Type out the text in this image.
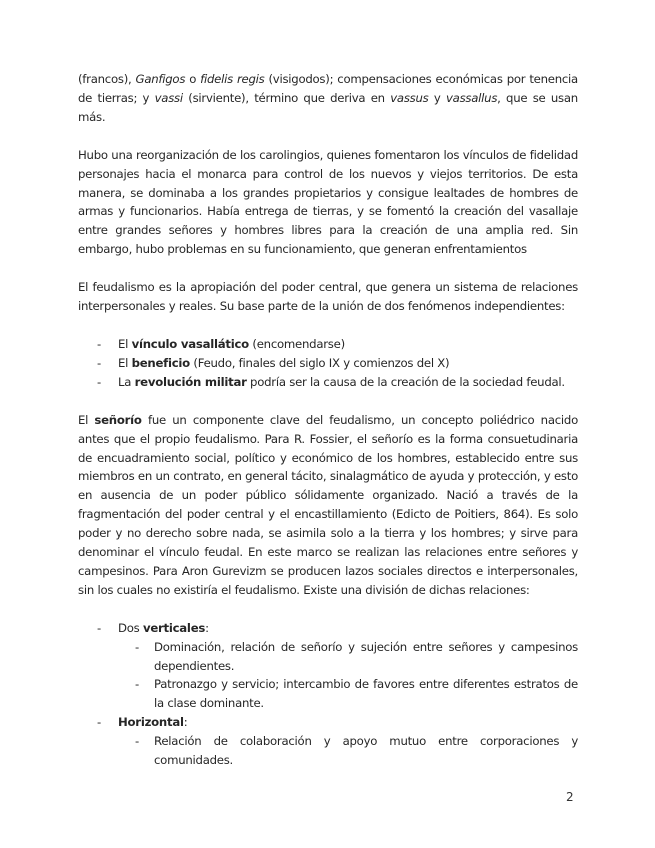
(francos), Ganfigos o fidelis regis (visigodos); compensaciones económicas por tenencia de tierras; y vassi (sirviente), término que deriva en vassus y vassallus, que se usan más.

Hubo una reorganización de los carolingios, quienes fomentaron los vínculos de fidelidad personajes hacia el monarca para control de los nuevos y viejos territorios. De esta manera, se dominaba a los grandes propietarios y consigue lealtades de hombres de armas y funcionarios. Había entrega de tierras, y se fomentó la creación del vasallaje entre grandes señores y hombres libres para la creación de una amplia red. Sin embargo, hubo problemas en su funcionamiento, que generan enfrentamientos

El feudalismo es la apropiación del poder central, que genera un sistema de relaciones interpersonales y reales. Su base parte de la unión de dos fenómenos independientes:

- El vínculo vasallático (encomendarse)
- El beneficio (Feudo, finales del siglo IX y comienzos del X)
- La revolución militar podría ser la causa de la creación de la sociedad feudal.

El señorío fue un componente clave del feudalismo, un concepto poliédrico nacido antes que el propio feudalismo. Para R. Fossier, el señorío es la forma consuetudinaria de encuadramiento social, político y económico de los hombres, establecido entre sus miembros en un contrato, en general tácito, sinalagmático de ayuda y protección, y esto en ausencia de un poder público sólidamente organizado. Nació a través de la fragmentación del poder central y el encastillamiento (Edicto de Poitiers, 864). Es solo poder y no derecho sobre nada, se asimila solo a la tierra y los hombres; y sirve para denominar el vínculo feudal. En este marco se realizan las relaciones entre señores y campesinos. Para Aron Gurevizm se producen lazos sociales directos e interpersonales, sin los cuales no existiría el feudalismo. Existe una división de dichas relaciones:

- Dos verticales:
- Dominación, relación de señorío y sujeción entre señores y campesinos dependientes.
- Patronazgo y servicio; intercambio de favores entre diferentes estratos de la clase dominante.
- Horizontal:
- Relación de colaboración y apoyo mutuo entre corporaciones y comunidades.
2
